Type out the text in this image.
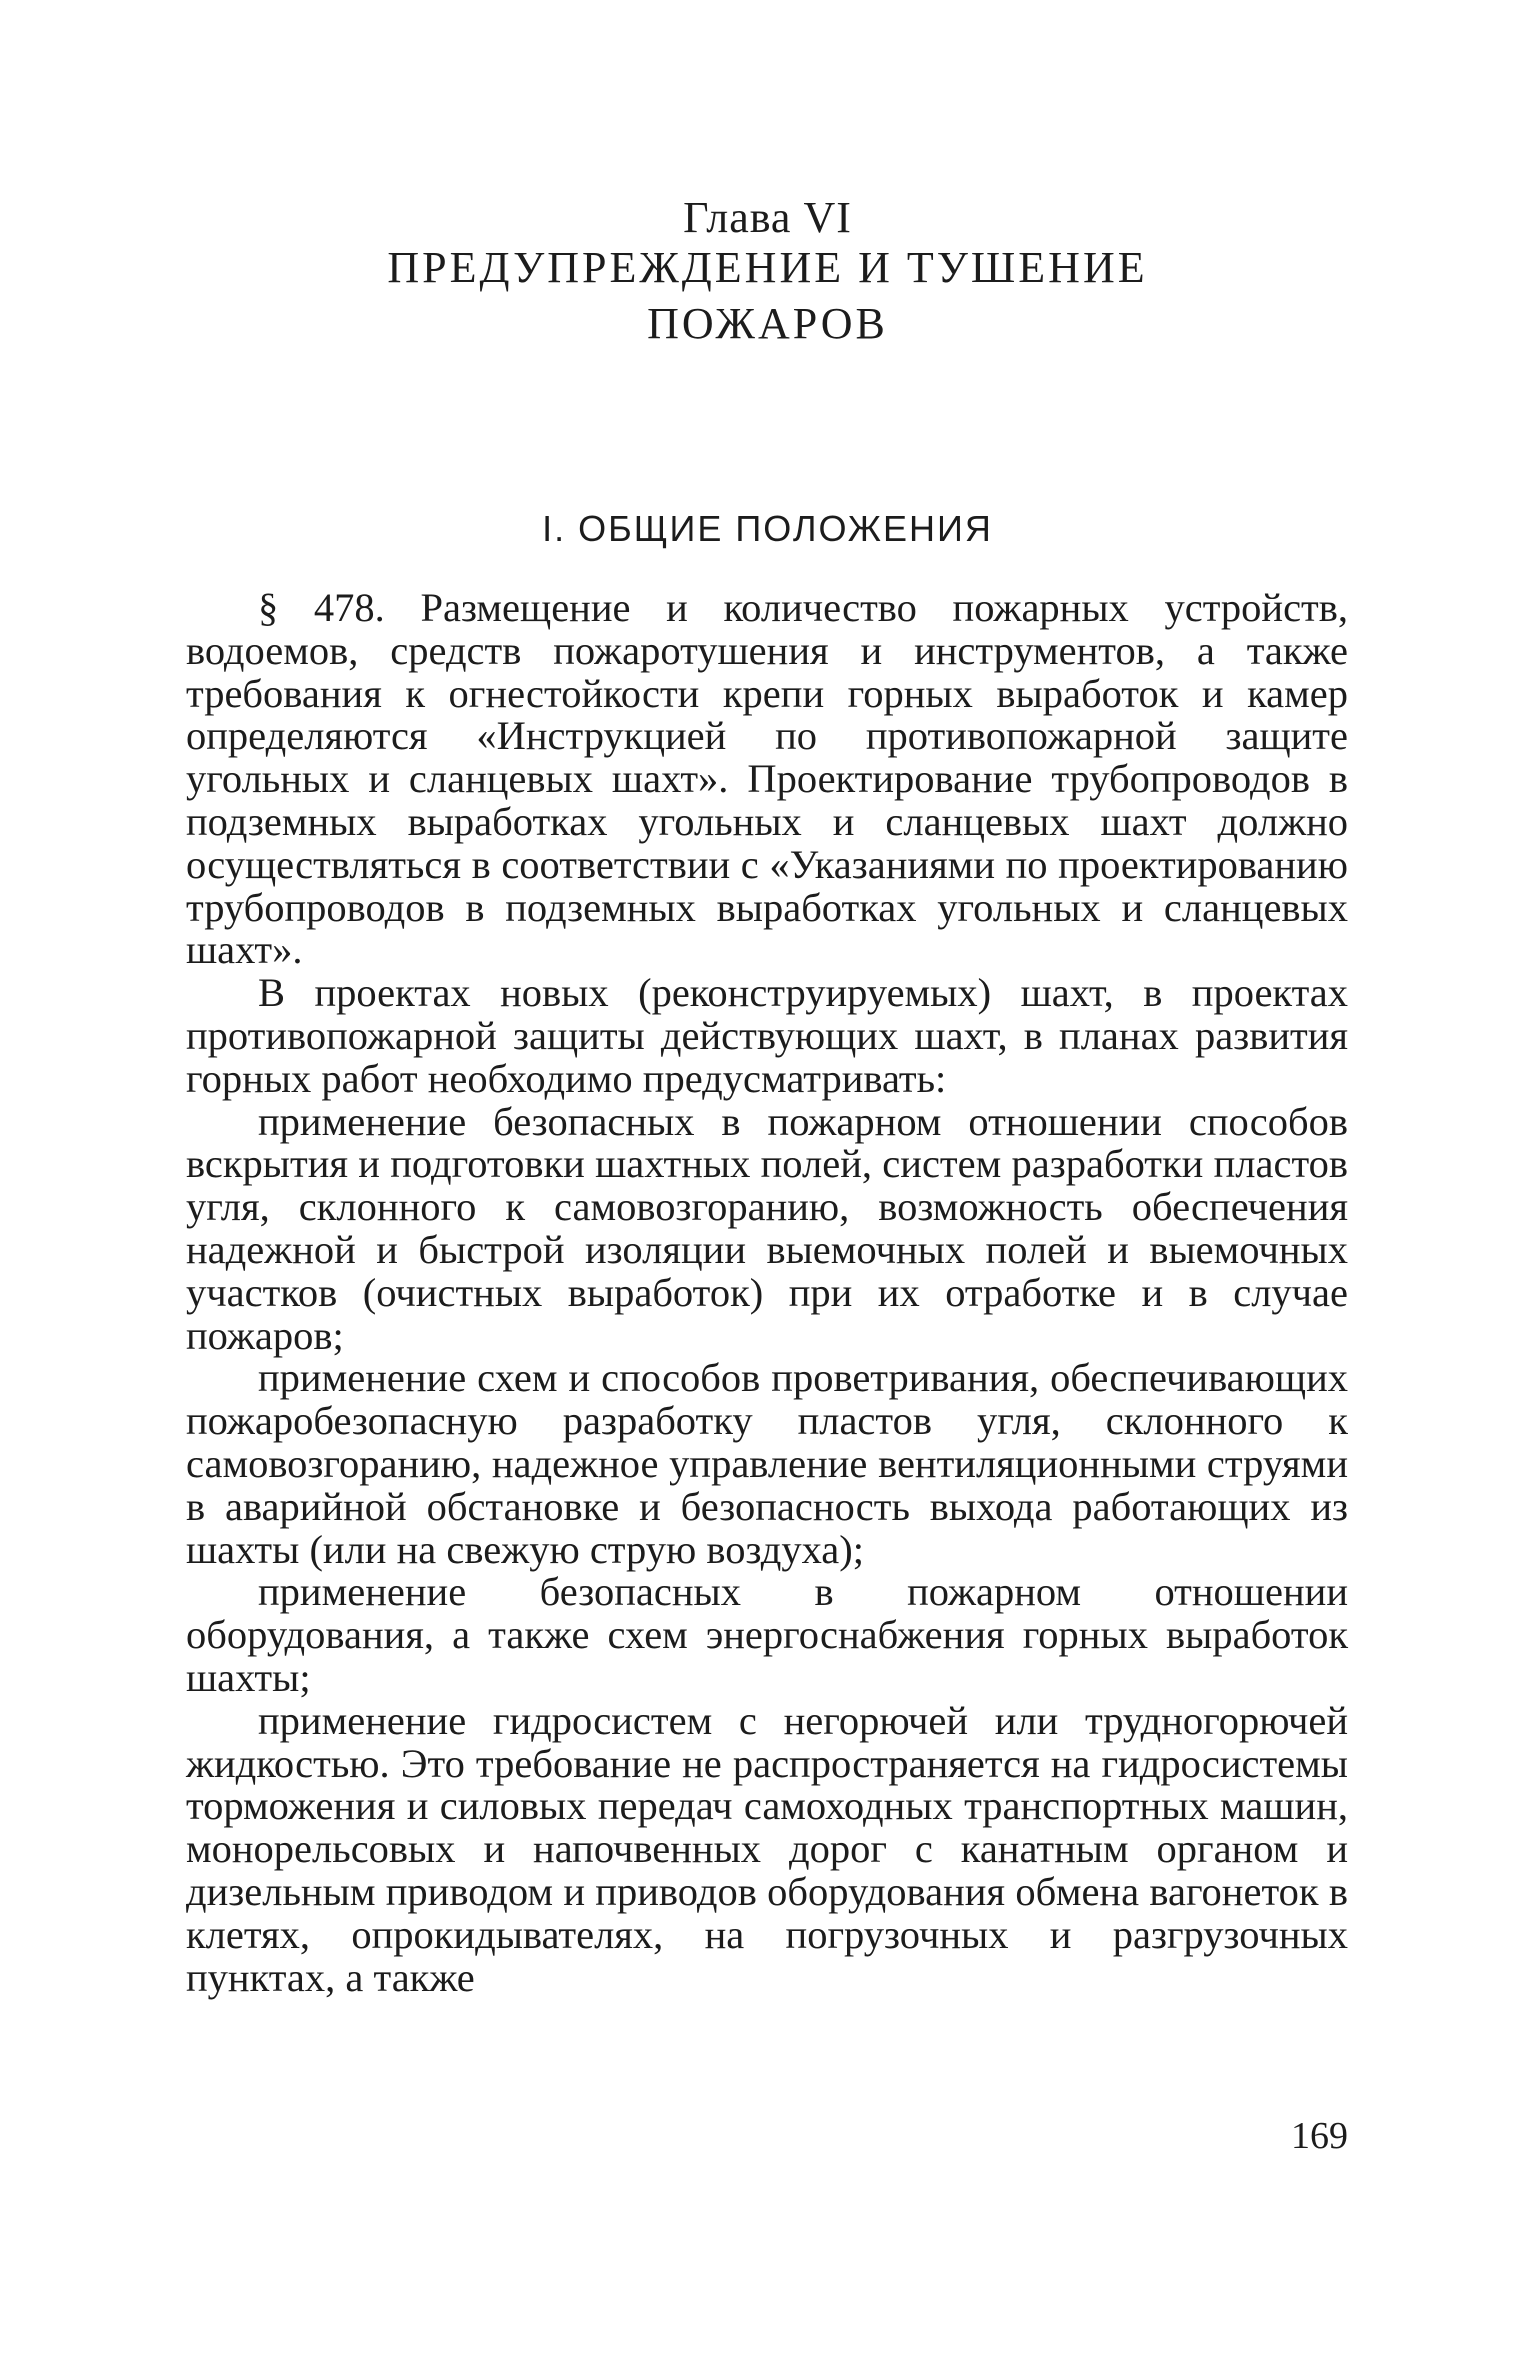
Глава VI
ПРЕДУПРЕЖДЕНИЕ И ТУШЕНИЕ
ПОЖАРОВ
I. ОБЩИЕ ПОЛОЖЕНИЯ

§ 478. Размещение и количество пожарных устройств, водоемов, средств пожаротушения и инструментов, а также требования к огнестойкости крепи горных выработок и камер определяются «Инструкцией по противопожарной защите угольных и сланцевых шахт». Проектирование трубопроводов в подземных выработках угольных и сланцевых шахт должно осуществляться в соответствии с «Указаниями по проектированию трубопроводов в подземных выработках угольных и сланцевых шахт».

В проектах новых (реконструируемых) шахт, в проектах противопожарной защиты действующих шахт, в планах развития горных работ необходимо предусматривать:

применение безопасных в пожарном отношении способов вскрытия и подготовки шахтных полей, систем разработки пластов угля, склонного к самовозгоранию, возможность обеспечения надежной и быстрой изоляции выемочных полей и выемочных участков (очистных выработок) при их отработке и в случае пожаров;

применение схем и способов проветривания, обеспечивающих пожаробезопасную разработку пластов угля, склонного к самовозгоранию, надежное управление вентиляционными струями в аварийной обстановке и безопасность выхода работающих из шахты (или на свежую струю воздуха);

применение безопасных в пожарном отношении оборудования, а также схем энергоснабжения горных выработок шахты;

применение гидросистем с негорючей или трудногорючей жидкостью. Это требование не распространяется на гидросистемы торможения и силовых передач самоходных транспортных машин, монорельсовых и напочвенных дорог с канатным органом и дизельным приводом и приводов оборудования обмена вагонеток в клетях, опрокидывателях, на погрузочных и разгрузочных пунктах, а также

169
